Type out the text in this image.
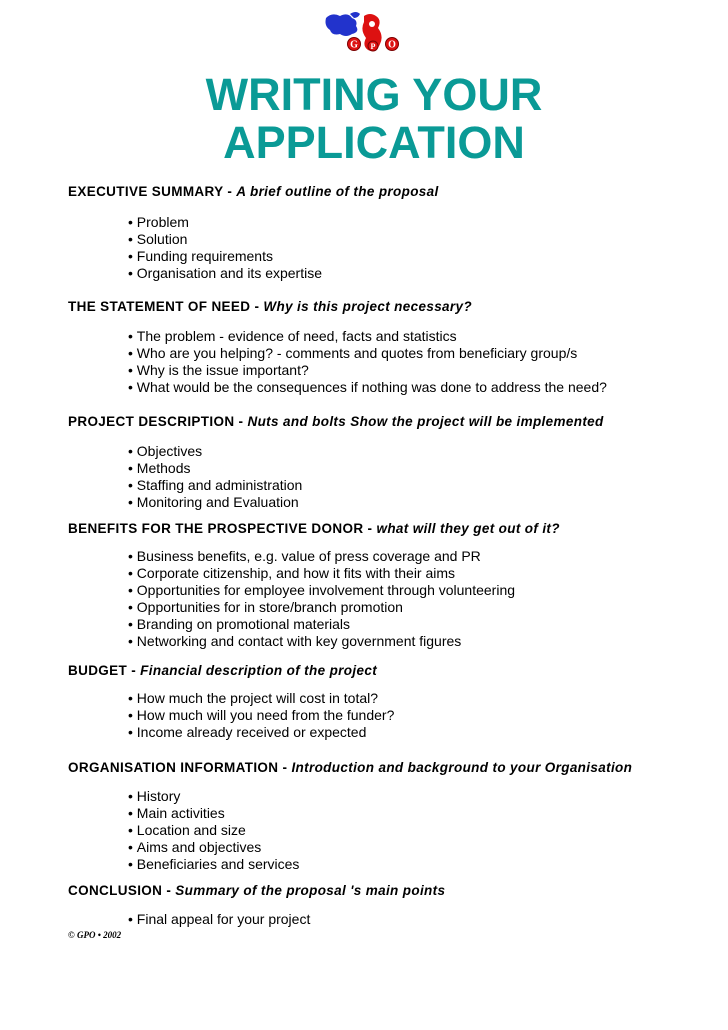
G	O
P
WRITING YOUR
APPLICATION

EXECUTIVE SUMMARY - A brief outline of the proposal

• Problem
• Solution
• Funding requirements
• Organisation and its expertise

THE STATEMENT OF NEED - Why is this project necessary?

• The problem - evidence of need, facts and statistics
• Who are you helping? - comments and quotes from beneficiary group/s
• Why is the issue important?
• What would be the consequences if nothing was done to address the need?

PROJECT DESCRIPTION - Nuts and bolts Show the project will be implemented

• Objectives
• Methods
• Staffing and administration
• Monitoring and Evaluation

BENEFITS FOR THE PROSPECTIVE DONOR - what will they get out of it?

• Business benefits, e.g. value of press coverage and PR
• Corporate citizenship, and how it fits with their aims
• Opportunities for employee involvement through volunteering
• Opportunities for in store/branch promotion
• Branding on promotional materials
• Networking and contact with key government figures

BUDGET - Financial description of the project

• How much the project will cost in total?
• How much will you need from the funder?
• Income already received or expected

ORGANISATION INFORMATION - Introduction and background to your Organisation

• History
• Main activities
• Location and size
• Aims and objectives
• Beneficiaries and services

CONCLUSION - Summary of the proposal 's main points

• Final appeal for your project
© GPO • 2002
